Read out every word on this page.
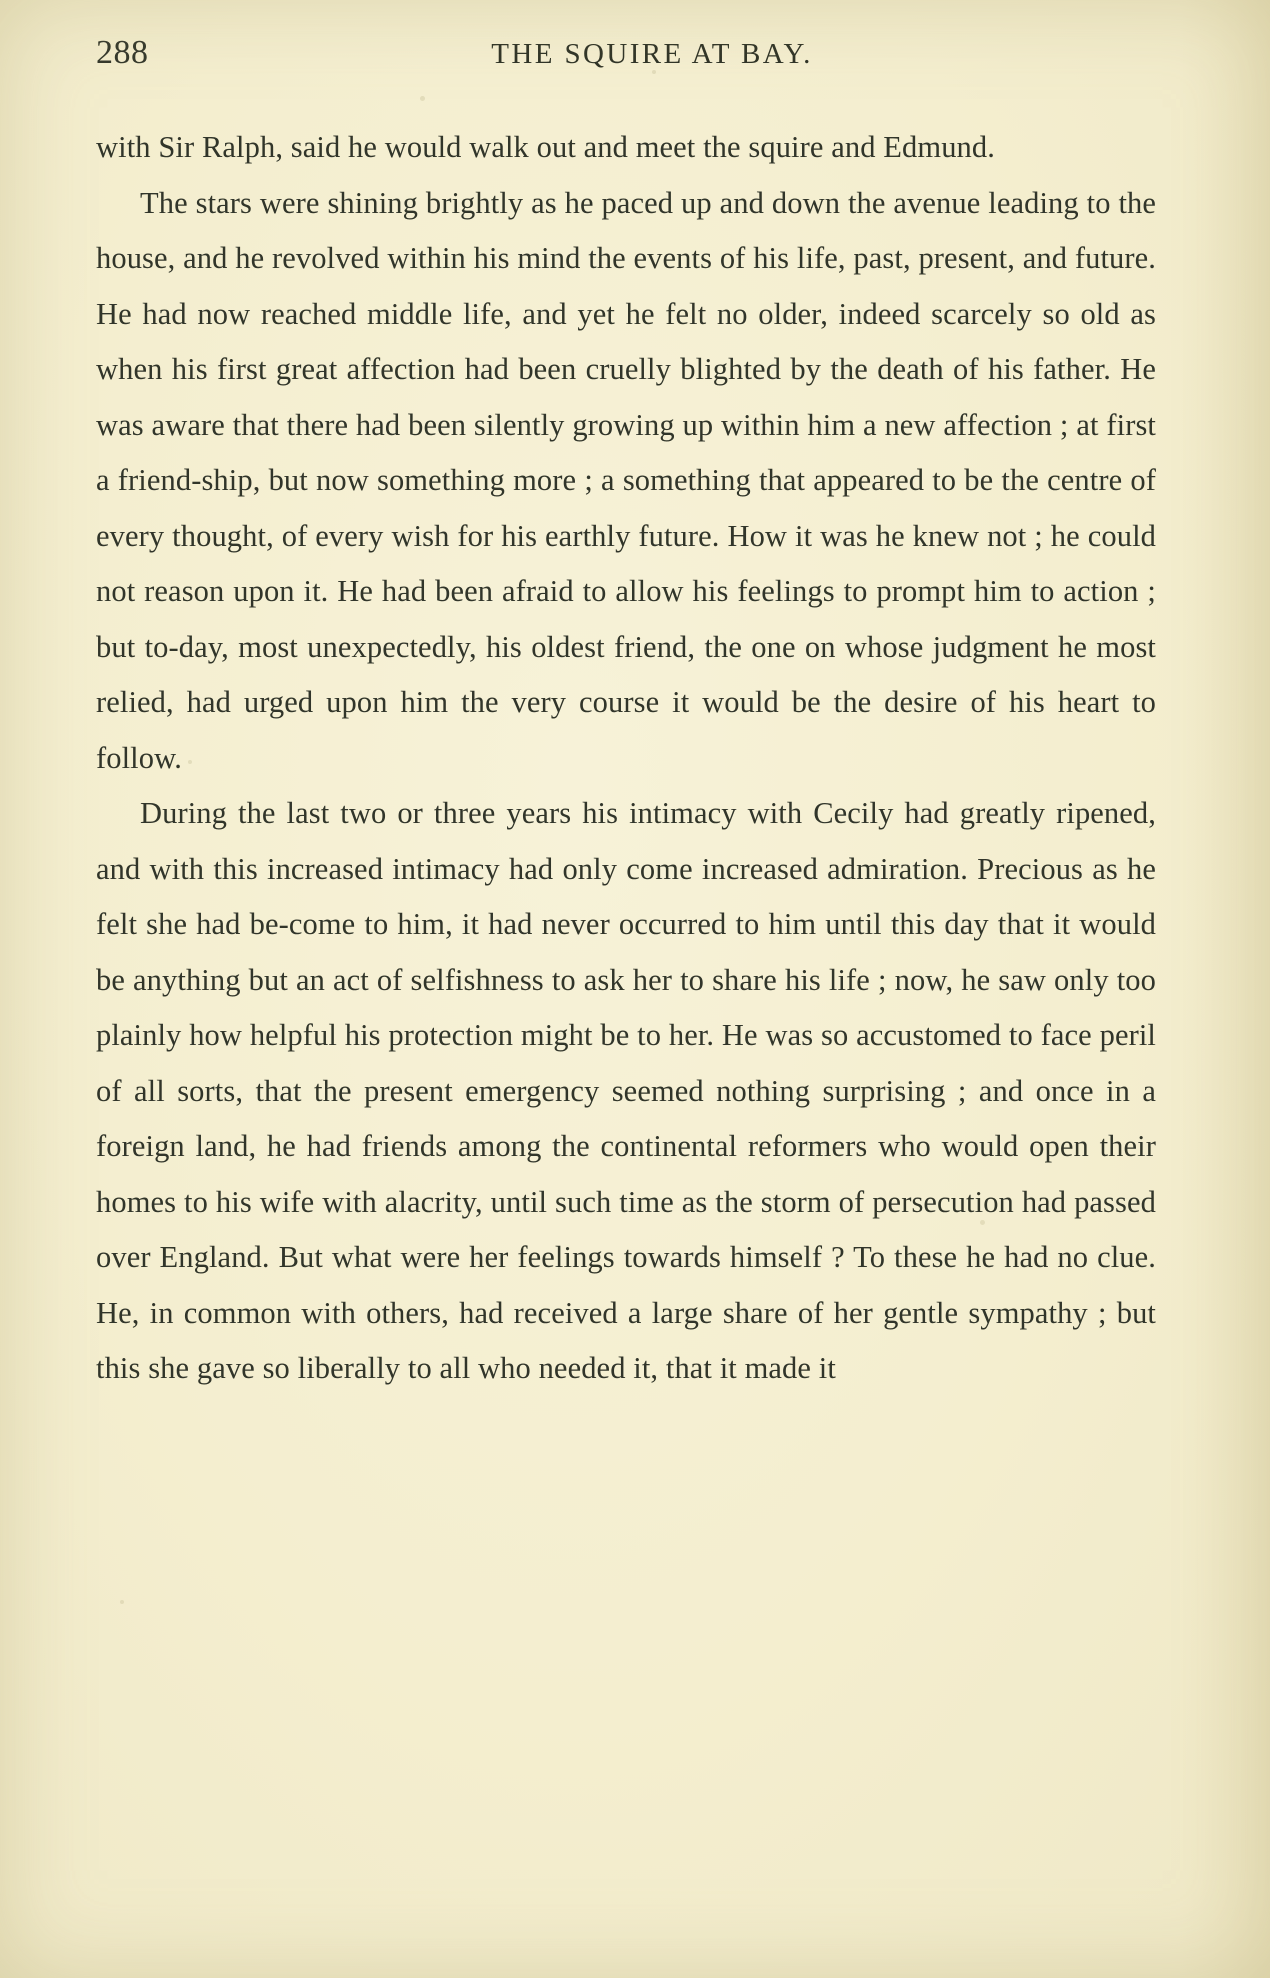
288	THE SQUIRE AT BAY.

with Sir Ralph, said he would walk out and meet the squire and Edmund.

The stars were shining brightly as he paced up and down the avenue leading to the house, and he revolved within his mind the events of his life, past, present, and future. He had now reached middle life, and yet he felt no older, indeed scarcely so old as when his first great affection had been cruelly blighted by the death of his father. He was aware that there had been silently growing up within him a new affection ; at first a friend-ship, but now something more ; a something that appeared to be the centre of every thought, of every wish for his earthly future. How it was he knew not ; he could not reason upon it. He had been afraid to allow his feelings to prompt him to action ; but to-day, most unexpectedly, his oldest friend, the one on whose judgment he most relied, had urged upon him the very course it would be the desire of his heart to follow.

During the last two or three years his intimacy with Cecily had greatly ripened, and with this increased intimacy had only come increased admiration. Precious as he felt she had be-come to him, it had never occurred to him until this day that it would be anything but an act of selfishness to ask her to share his life ; now, he saw only too plainly how helpful his protection might be to her. He was so accustomed to face peril of all sorts, that the present emergency seemed nothing surprising ; and once in a foreign land, he had friends among the continental reformers who would open their homes to his wife with alacrity, until such time as the storm of persecution had passed over England. But what were her feelings towards himself ? To these he had no clue. He, in common with others, had received a large share of her gentle sympathy ; but this she gave so liberally to all who needed it, that it made it
